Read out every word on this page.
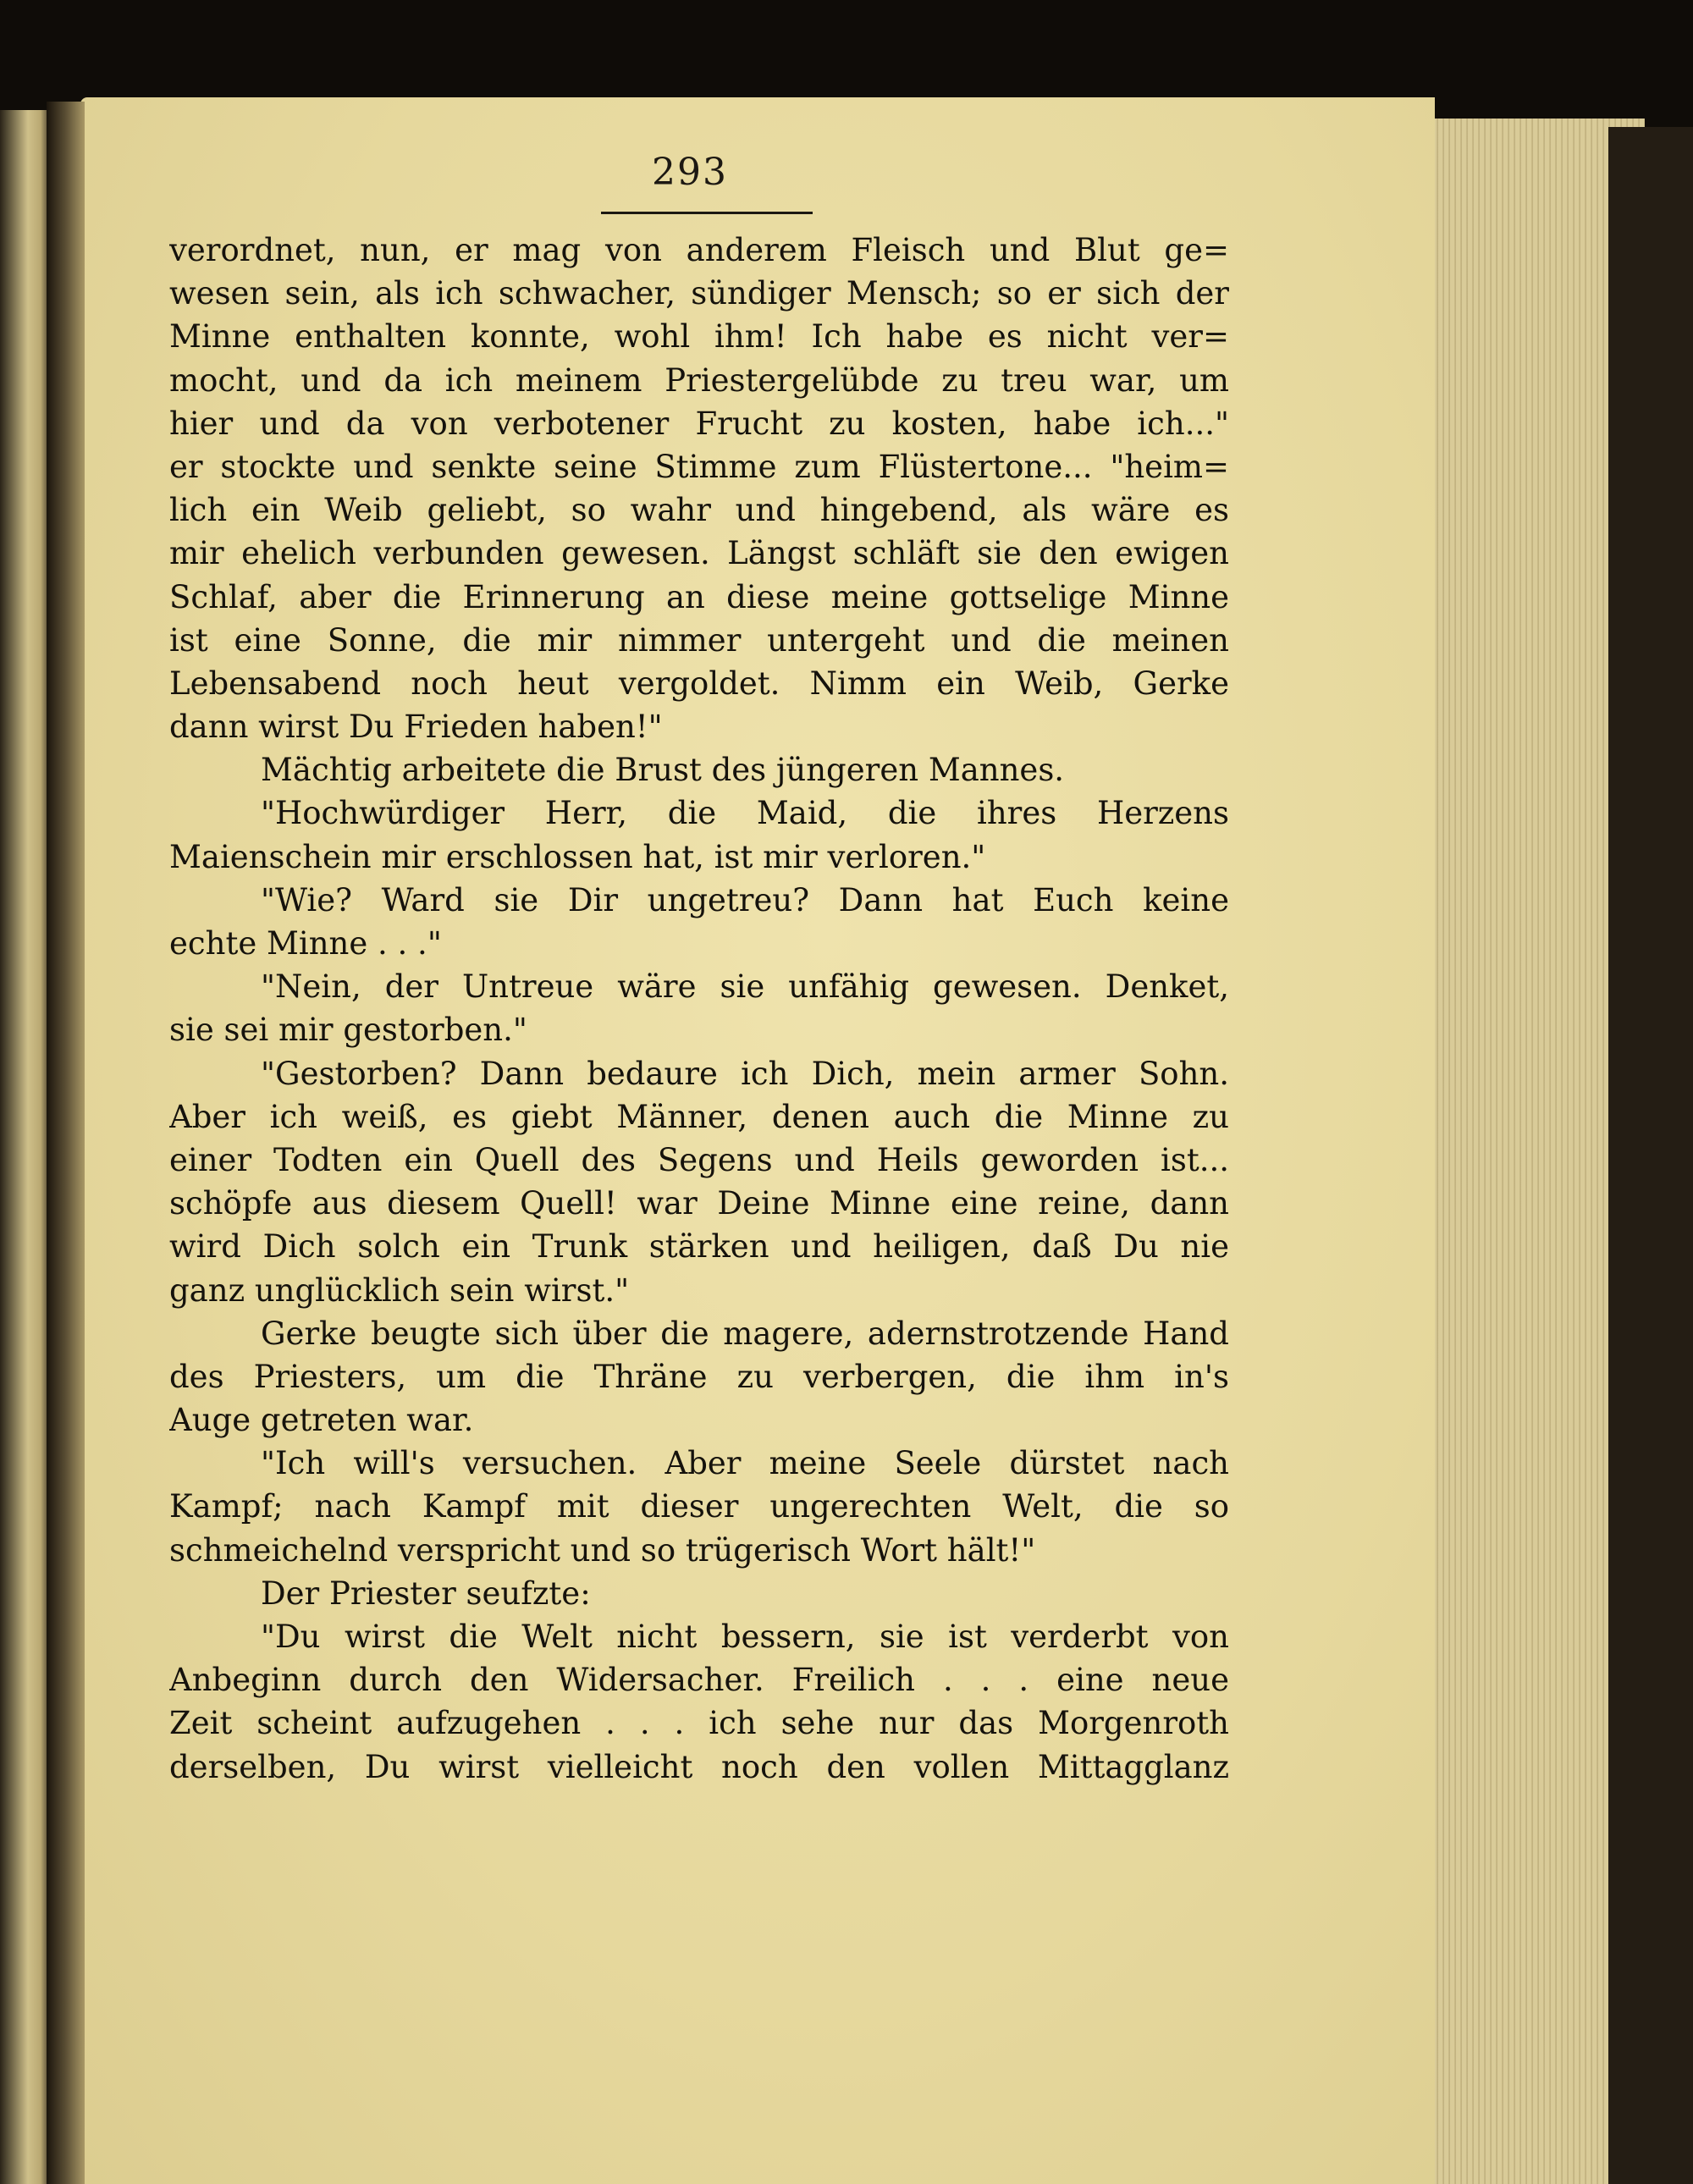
293
verordnet, nun, er mag von anderem Fleisch und Blut ge=
wesen sein, als ich schwacher, sündiger Mensch; so er sich der
Minne enthalten konnte, wohl ihm! Ich habe es nicht ver=
mocht, und da ich meinem Priestergelübde zu treu war, um
hier und da von verbotener Frucht zu kosten, habe ich..."
er stockte und senkte seine Stimme zum Flüstertone... "heim=
lich ein Weib geliebt, so wahr und hingebend, als wäre es
mir ehelich verbunden gewesen. Längst schläft sie den ewigen
Schlaf, aber die Erinnerung an diese meine gottselige Minne
ist eine Sonne, die mir nimmer untergeht und die meinen
Lebensabend noch heut vergoldet. Nimm ein Weib, Gerke
dann wirst Du Frieden haben!"
Mächtig arbeitete die Brust des jüngeren Mannes.
"Hochwürdiger Herr, die Maid, die ihres Herzens
Maienschein mir erschlossen hat, ist mir verloren."
"Wie? Ward sie Dir ungetreu? Dann hat Euch keine
echte Minne . . ."
"Nein, der Untreue wäre sie unfähig gewesen. Denket,
sie sei mir gestorben."
"Gestorben? Dann bedaure ich Dich, mein armer Sohn.
Aber ich weiß, es giebt Männer, denen auch die Minne zu
einer Todten ein Quell des Segens und Heils geworden ist...
schöpfe aus diesem Quell! war Deine Minne eine reine, dann
wird Dich solch ein Trunk stärken und heiligen, daß Du nie
ganz unglücklich sein wirst."
Gerke beugte sich über die magere, adernstrotzende Hand
des Priesters, um die Thräne zu verbergen, die ihm in's
Auge getreten war.
"Ich will's versuchen. Aber meine Seele dürstet nach
Kampf; nach Kampf mit dieser ungerechten Welt, die so
schmeichelnd verspricht und so trügerisch Wort hält!"
Der Priester seufzte:
"Du wirst die Welt nicht bessern, sie ist verderbt von
Anbeginn durch den Widersacher. Freilich . . . eine neue
Zeit scheint aufzugehen . . . ich sehe nur das Morgenroth
derselben, Du wirst vielleicht noch den vollen Mittagglanz
